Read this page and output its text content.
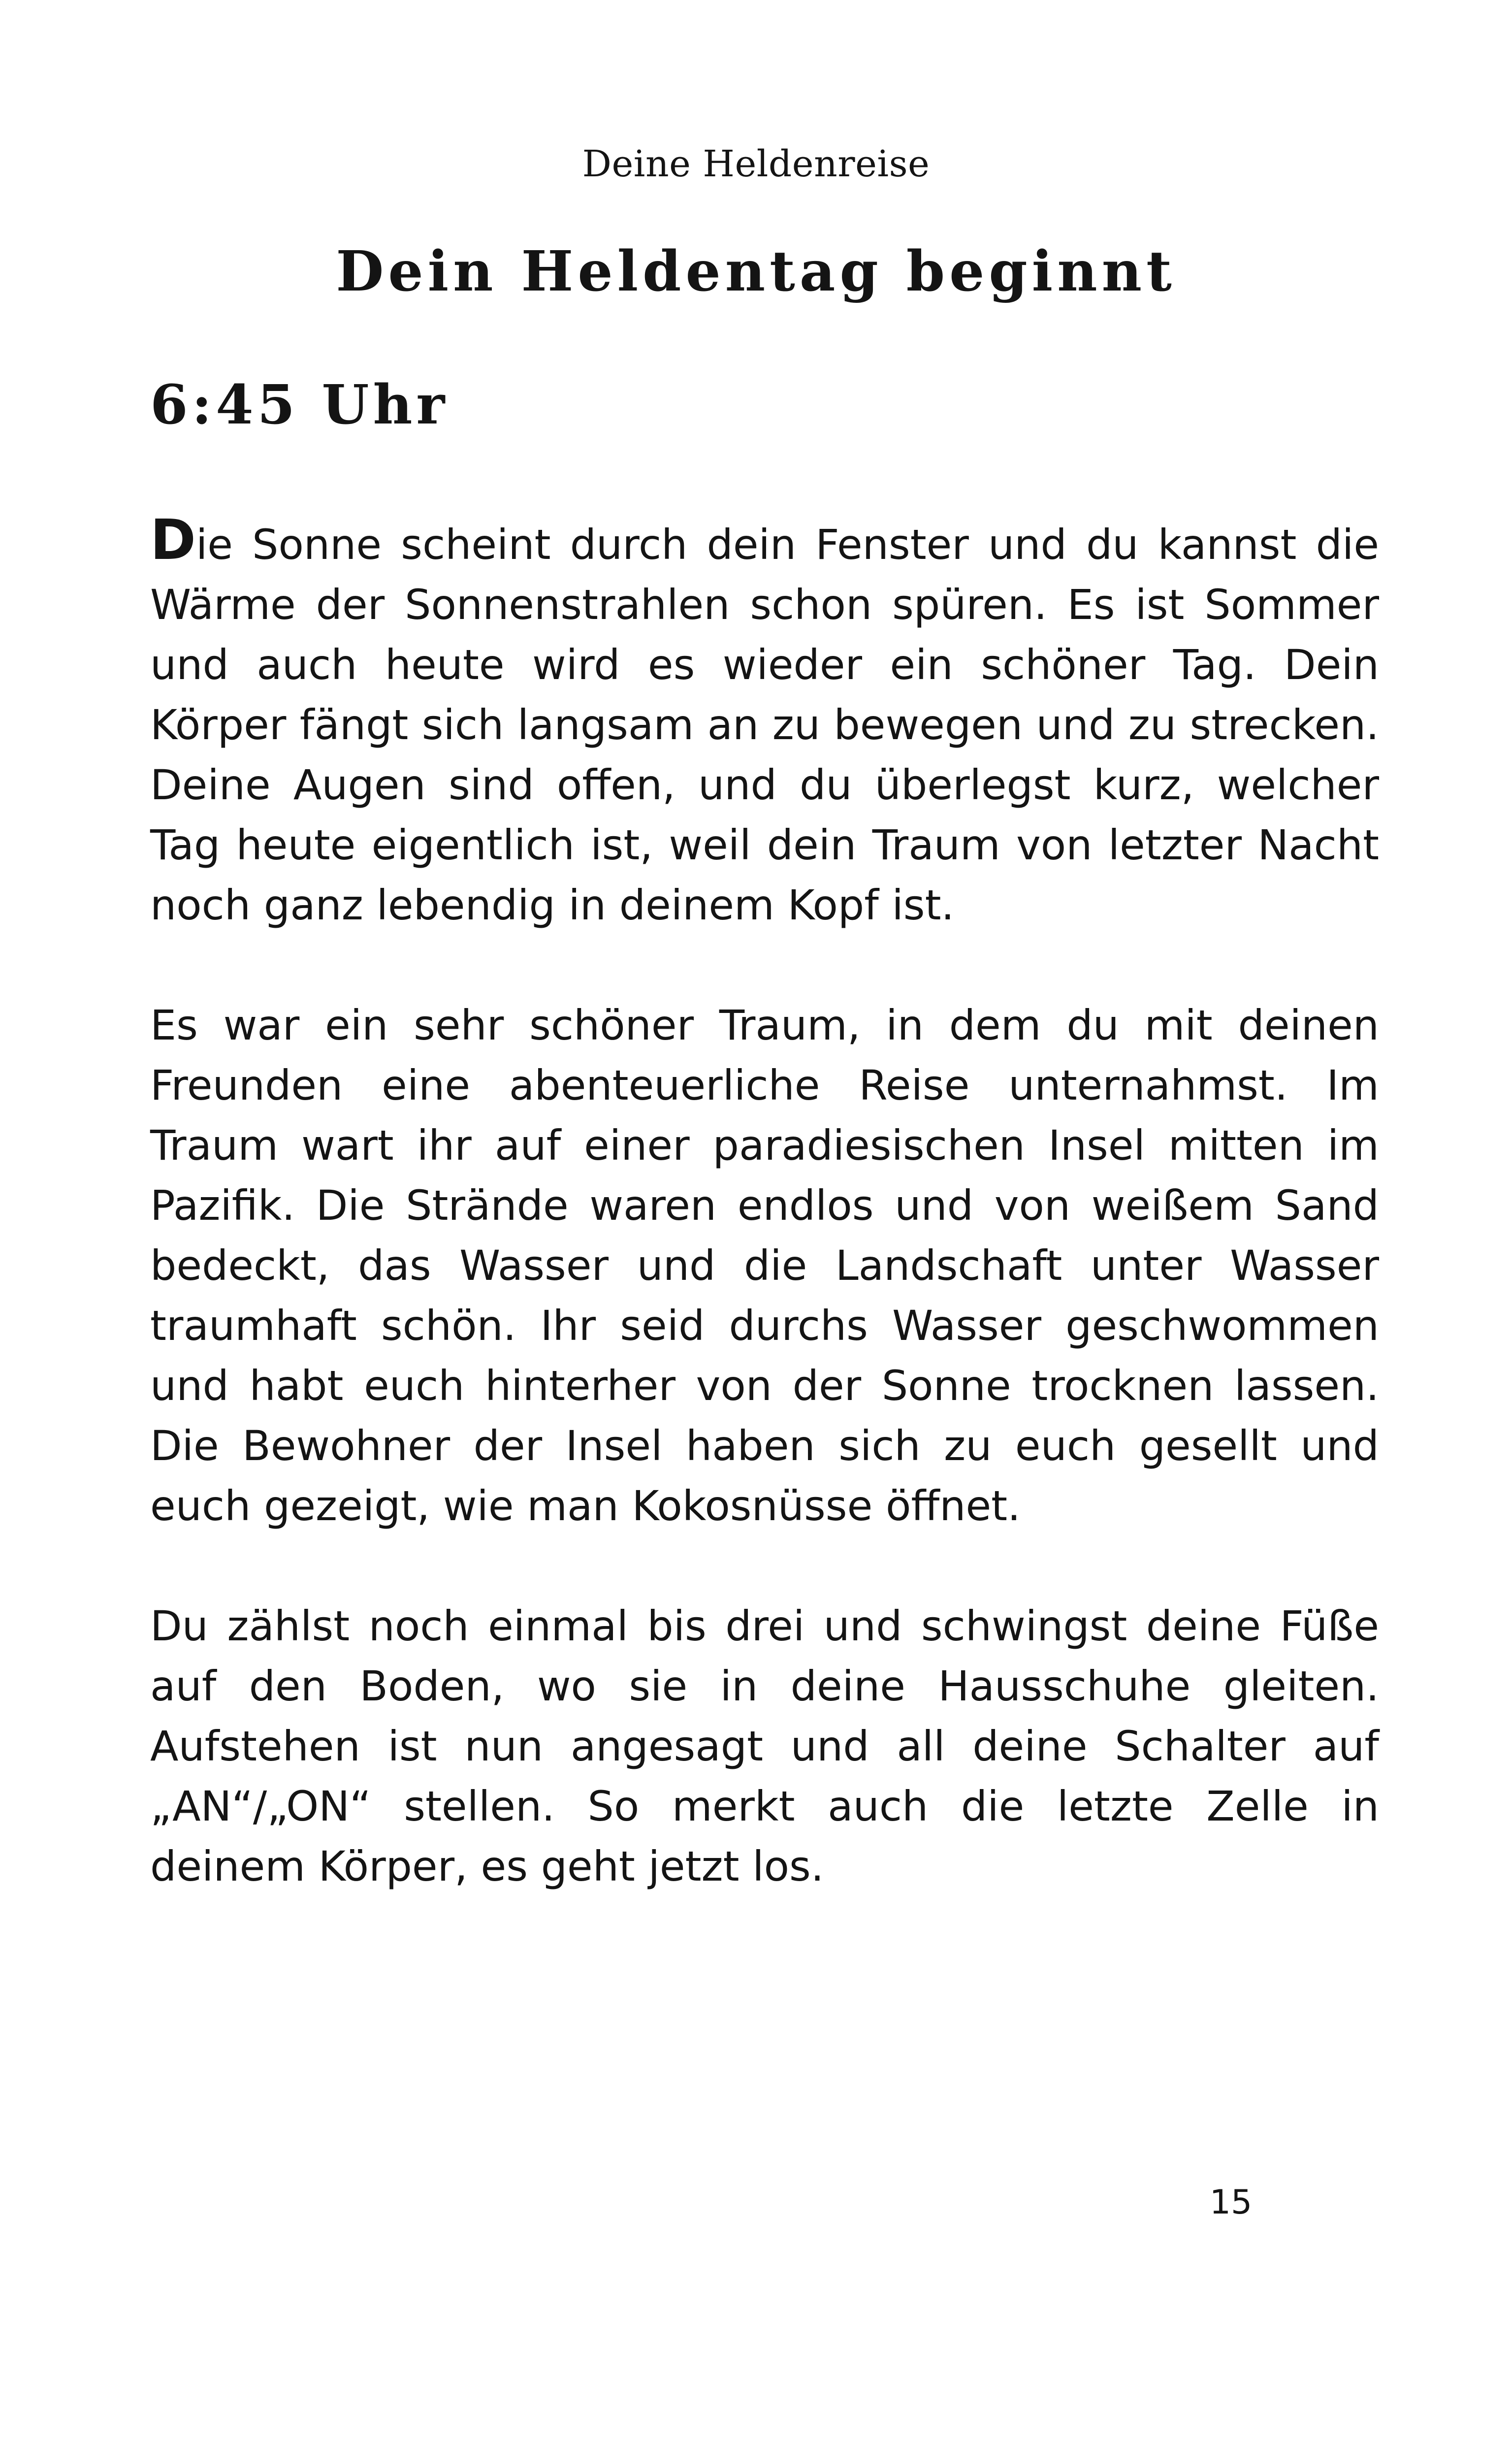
Deine Heldenreise
Dein Heldentag beginnt
6:45 Uhr

Die Sonne scheint durch dein Fenster und du kannst die Wärme der Sonnenstrahlen schon spüren. Es ist Sommer und auch heute wird es wieder ein schöner Tag. Dein Körper fängt sich langsam an zu bewegen und zu strecken. Deine Augen sind offen, und du überlegst kurz, welcher Tag heute eigentlich ist, weil dein Traum von letzter Nacht noch ganz lebendig in deinem Kopf ist.

Es war ein sehr schöner Traum, in dem du mit deinen Freunden eine abenteuerliche Reise unternahmst. Im Traum wart ihr auf einer paradiesischen Insel mitten im Pazifik. Die Strände waren endlos und von weißem Sand bedeckt, das Wasser und die Landschaft unter Wasser traumhaft schön. Ihr seid durchs Wasser geschwommen und habt euch hinterher von der Sonne trocknen lassen. Die Bewohner der Insel haben sich zu euch gesellt und euch gezeigt, wie man Kokosnüsse öffnet.

Du zählst noch einmal bis drei und schwingst deine Füße auf den Boden, wo sie in deine Hausschuhe gleiten. Aufstehen ist nun angesagt und all deine Schalter auf „AN“/„ON“ stellen. So merkt auch die letzte Zelle in deinem Körper, es geht jetzt los.

15
